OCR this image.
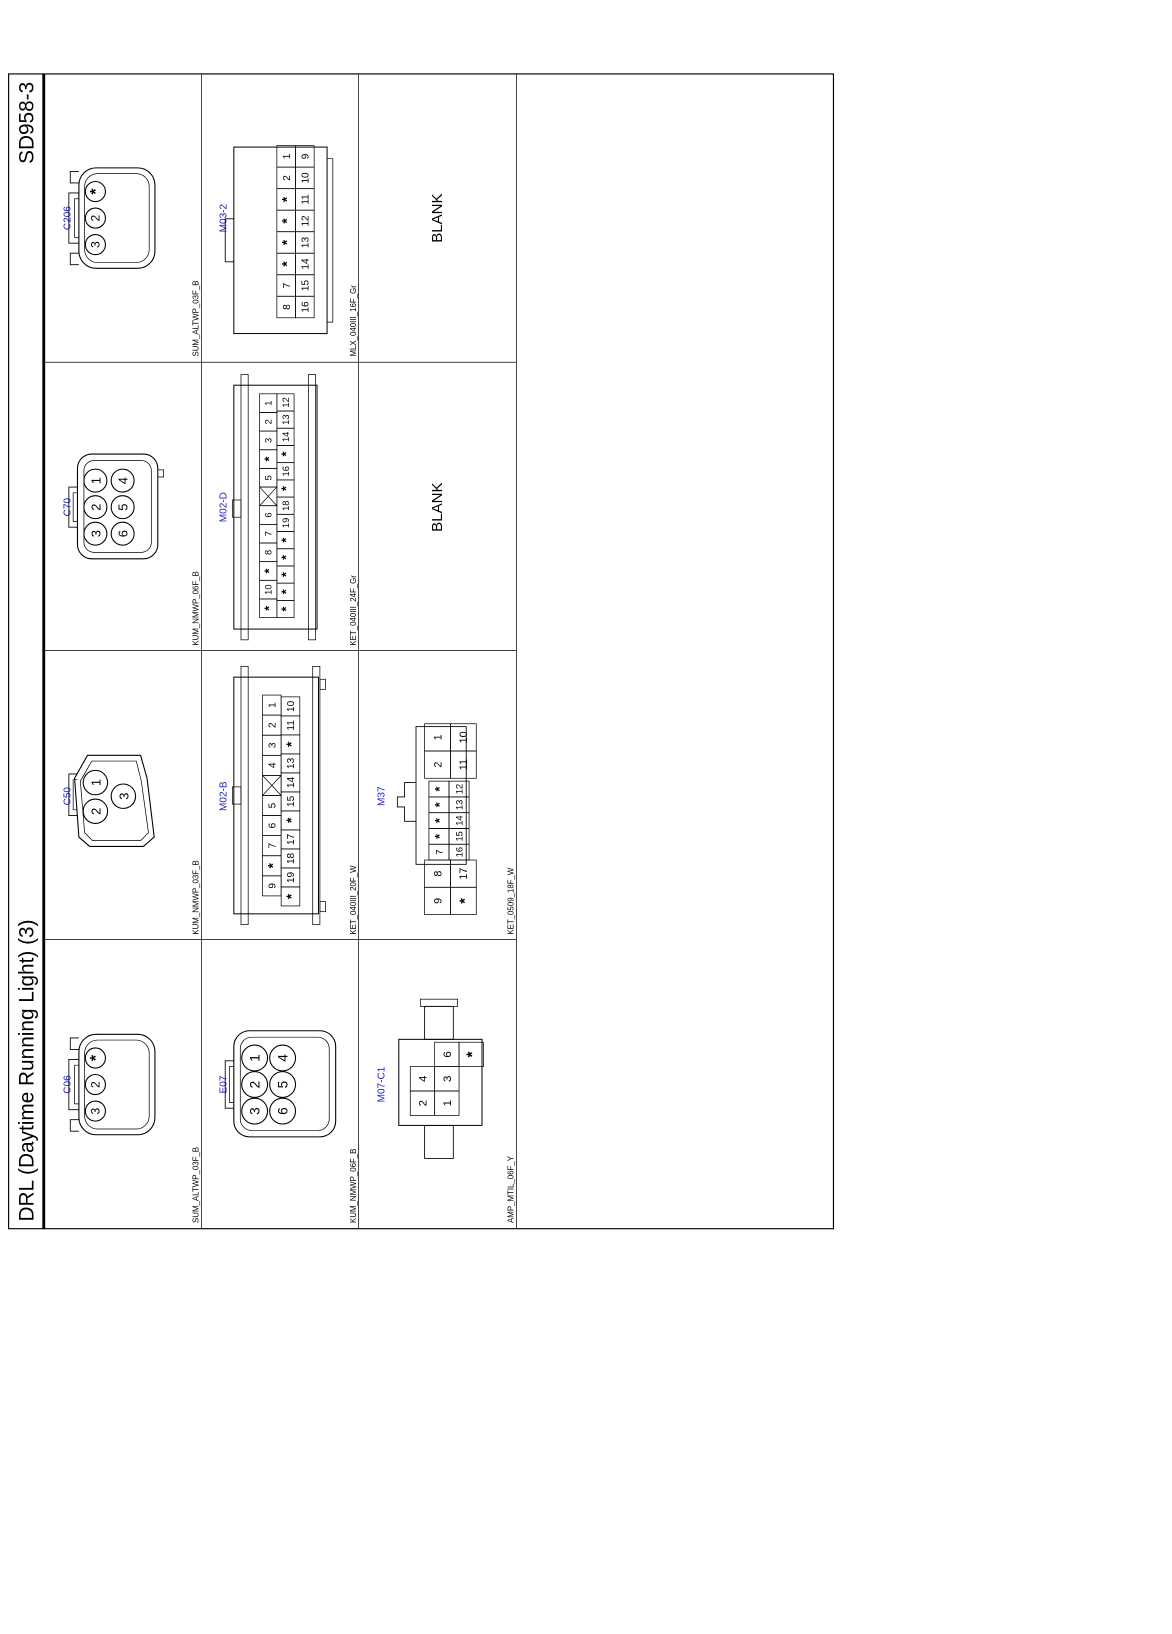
DRL (Daytime Running Light) (3)
SD958-3
C06
3
2
*
SUM_ALTWP_03F_B
C50
2
1
3
KUM_NMWP_03F_B
C70
3
2
1
6
5
4
KUM_NMWP_06F_B
C206
3
2
*
SUM_ALTWP_03F_B
E07
3
2
1
6
5
4
KUM_NMWP_06F_B
M02-B
9
*
7
6
5
4
3
2
1
*
19
18
17
*
15
14
13
*
11
10
KET_040III_20F_W
M02-D
*
10
*
8
7
6
5
*
3
2
1
*
*
*
*
*
19
18
*
16
*
14
13
12
KET_040III_24F_Gr
M03-2
8
7
*
*
*
*
2
1
16
15
14
13
12
11
10
9
MLX_040III_16F_Gr
M07-C1 4
2
3
1
6 *
AMP_MTIL_06F_Y
M37
9
8
*
17
7
*
*
*
*
16
15
14
13
12
2
1
11
10
KET_0509_18F_W
BLANK
BLANK
